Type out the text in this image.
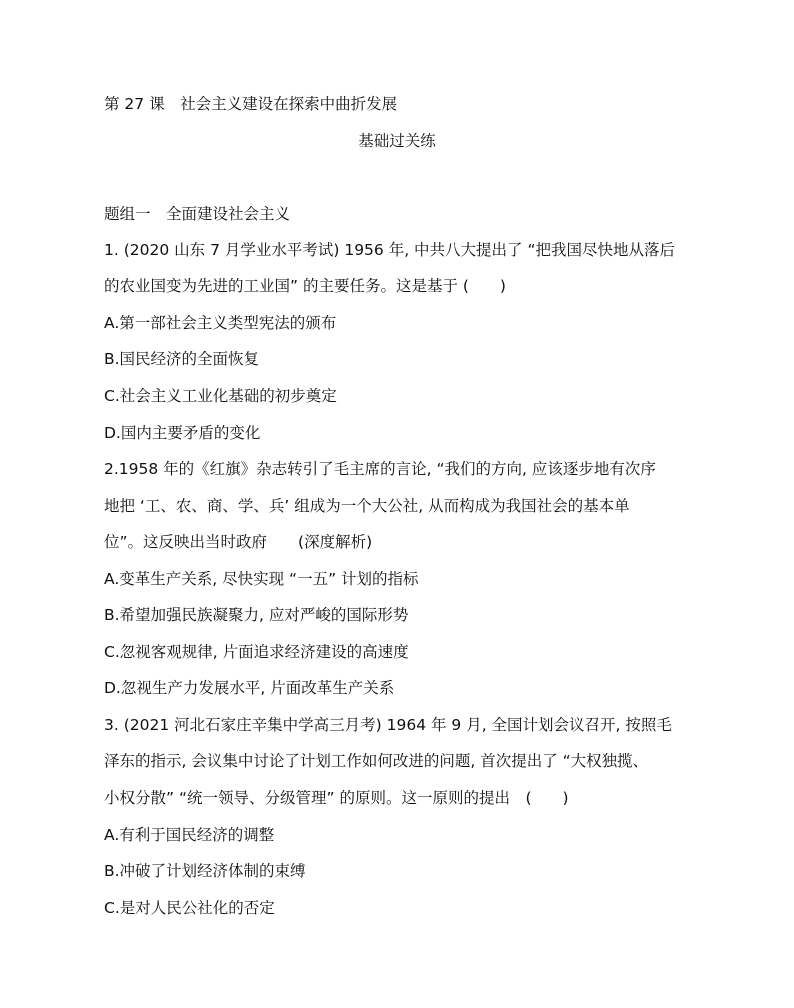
第 27 课　社会主义建设在探索中曲折发展
基础过关练
题组一　全面建设社会主义
1. (2020 山东 7 月学业水平考试) 1956 年, 中共八大提出了 “把我国尽快地从落后
的农业国变为先进的工业国” 的主要任务。这是基于 (　　)
A.第一部社会主义类型宪法的颁布
B.国民经济的全面恢复
C.社会主义工业化基础的初步奠定
D.国内主要矛盾的变化
2.1958 年的《红旗》杂志转引了毛主席的言论, “我们的方向, 应该逐步地有次序
地把 ‘工、农、商、学、兵’ 组成为一个大公社, 从而构成为我国社会的基本单
位”。这反映出当时政府　　(深度解析)
A.变革生产关系, 尽快实现 “一五” 计划的指标
B.希望加强民族凝聚力, 应对严峻的国际形势
C.忽视客观规律, 片面追求经济建设的高速度
D.忽视生产力发展水平, 片面改革生产关系
3. (2021 河北石家庄辛集中学高三月考) 1964 年 9 月, 全国计划会议召开, 按照毛
泽东的指示, 会议集中讨论了计划工作如何改进的问题, 首次提出了 “大权独揽、
小权分散” “统一领导、分级管理” 的原则。这一原则的提出　(　　)
A.有利于国民经济的调整
B.冲破了计划经济体制的束缚
C.是对人民公社化的否定
